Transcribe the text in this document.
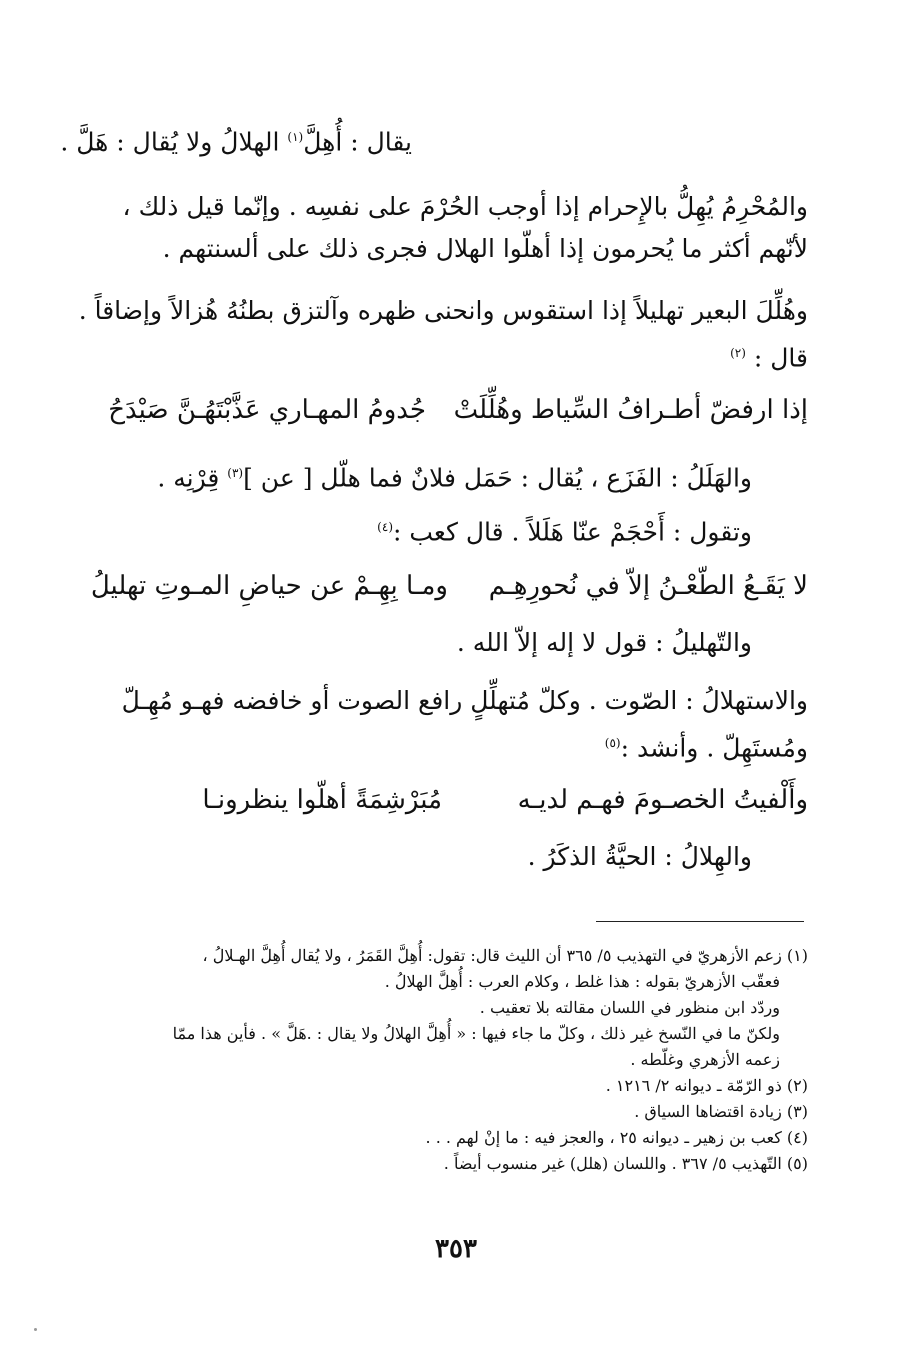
يقال : أُهِلَّ$^{(١)}$ الهلالُ ولا يُقال : هَلَّ .
والمُحْرِمُ يُهِلُّ بالإِحرام إذا أوجب الحُرْمَ على نفسِه . وإنّما قيل ذلك ،
لأنّهم أكثر ما يُحرمون إذا أهلّوا الهلال فجرى ذلك على ألسنتهم .
وهُلِّلَ البعير تهليلاً إذا استقوس وانحنى ظهره وآلتزق بطنُهُ هُزالاً وإضاقاً .
قال : $^{(٢)}$
إذا ارفضّ أطـرافُ السِّياط وهُلِّلَتْ
جُدومُ المهـاري عَذَّبْتَهُـنَّ صَيْدَحُ
والهَلَلُ : الفَزَع ، يُقال : حَمَل فلانٌ فما هلّل [ عن ]$^{(٣)}$ قِرْنِه .
وتقول : أَحْجَمْ عنّا هَلَلاً . قال كعب :$^{(٤)}$
لا يَقَـعُ الطّعْـنُ إلاّ في نُحورِهِـم
ومـا بِهِـمْ عن حياضِ المـوتِ تهليلُ
والتّهليلُ : قول لا إله إلاّ الله .
والاستهلالُ : الصّوت . وكلّ مُتهلِّلٍ رافع الصوت أو خافضه فهـو مُهِـلّ
ومُستَهِلّ . وأنشد :$^{(٥)}$
وأَلْفيتُ الخصـومَ فهـم لديـه
مُبَرْشِمَةً أهلّوا ينظرونـا
والهِلالُ : الحيَّةُ الذكَرُ .
(١) زعم الأزهريّ في التهذيب ٥/ ٣٦٥ أن الليث قال: تقول: أُهِلَّ القَمَرُ ، ولا يُقال أُهِلَّ الهـلالُ ،
فعقّب الأزهريّ بقوله : هذا غلط ، وكلام العرب : أُهِلَّ الهلالُ .
وردّد ابن منظور في اللسان مقالته بلا تعقيب .
ولكنّ ما في النّسخ غير ذلك ، وكلّ ما جاء فيها : « أُهِلَّ الهلالُ ولا يقال : .هَلَّ » . فأين هذا ممّا
زعمه الأزهري وغلّطه .
(٢) ذو الرّمّة ـ ديوانه ٢/ ١٢١٦ .
(٣) زيادة اقتضاها السياق .
(٤) كعب بن زهير ـ ديوانه ٢٥ ، والعجز فيه : ما إنْ لهم . . .
(٥) التّهذيب ٥/ ٣٦٧ . واللسان (هلل) غير منسوب أيضاً .
٣٥٣
